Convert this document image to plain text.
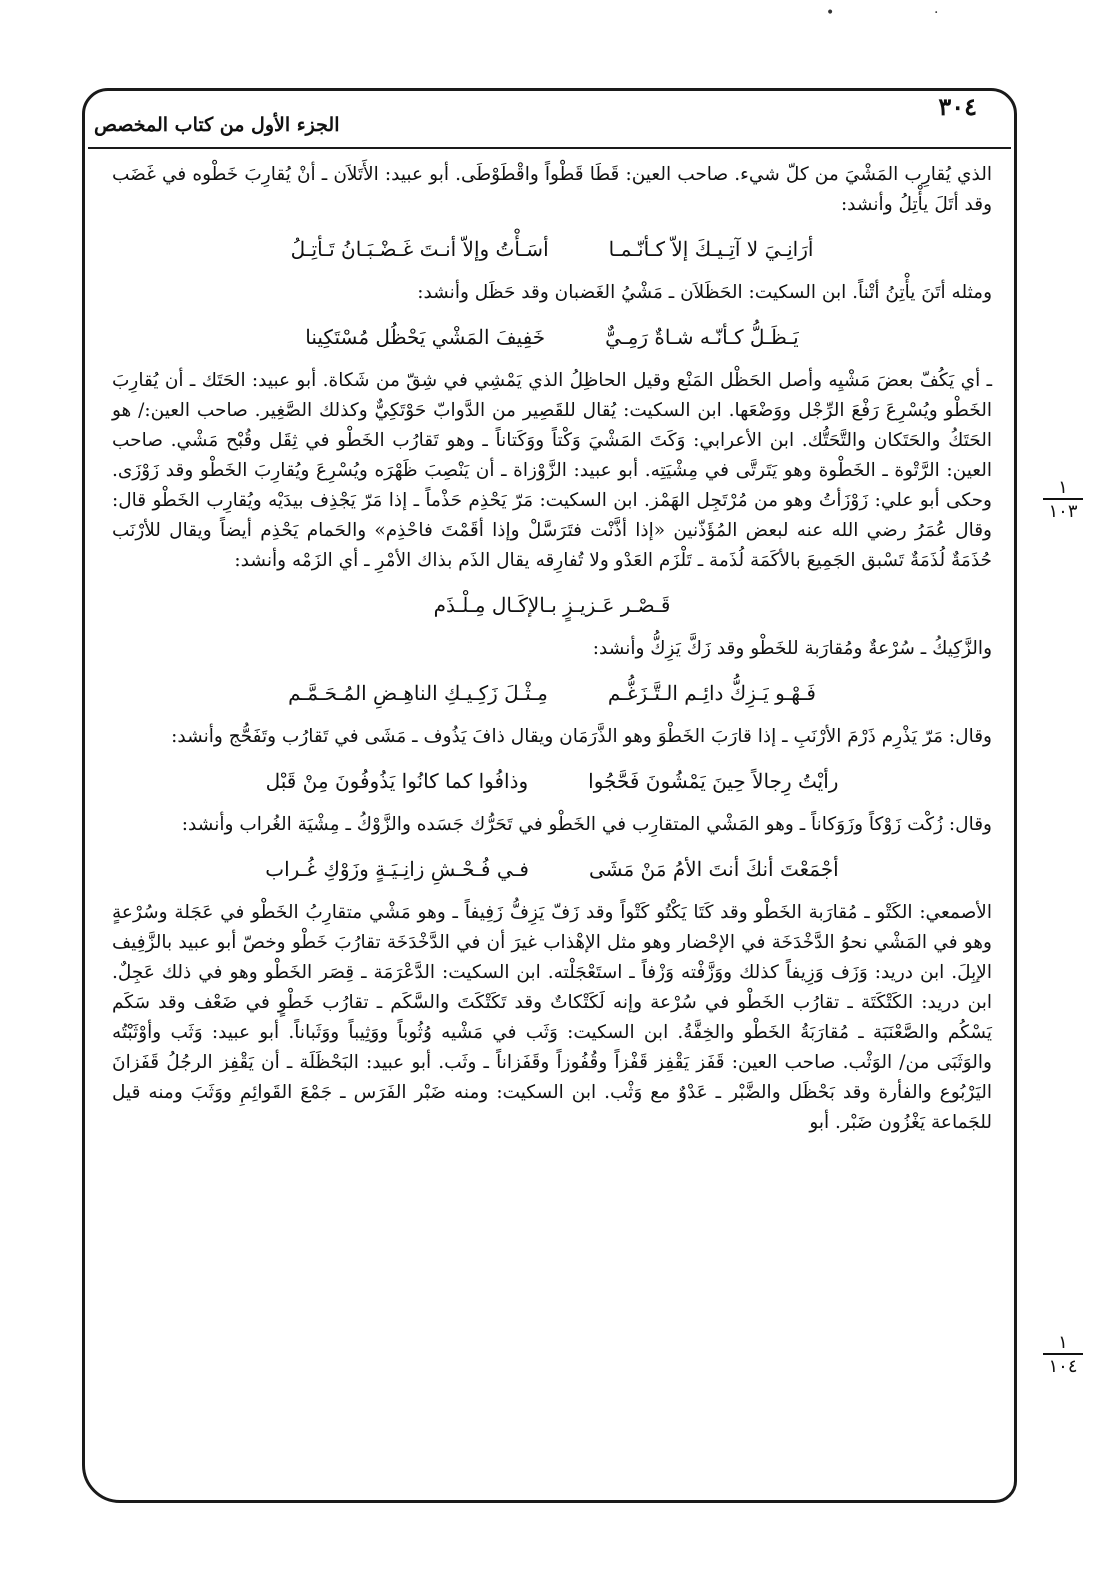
•	·
٣٠٤
الجزء الأول من كتاب المخصص
١
١٠٣
١
١٠٤

الذي يُقارِب المَشْيَ من كلّ شيء. صاحب العين: قَطَا قَطْواً واقْطَوْطَى. أبو عبيد: الأَتَلاَن ـ أنْ يُقارِبَ خَطْوه في غَضَب وقد أتَلَ يأْتِلُ وأنشد:

أرَانِـيَ لا آتِـيـكَ إلاّ كـأنّـمـا
أسَـأْتُ وإلاّ أنـتَ غَـضْـبَـانُ تَـأتِـلُ

ومثله أتَنَ يأْتِنُ أتْناً. ابن السكيت: الحَظَلاَن ـ مَشْيُ الغَضبان وقد حَظَل وأنشد:

يَـظَـلُّ كـأنّـه شـاةٌ رَمِـيٌّ
خَفِيفَ المَشْي يَحْظُل مُسْتَكِينا

ـ أي يَكُفّ بعضَ مَشْيِه وأصل الحَظْل المَنْع وقيل الحاظِلُ الذي يَمْشِي في شِقّ من شَكاة. أبو عبيد: الحَتَك ـ أن يُقارِبَ الخَطْو ويُسْرِعَ رَفْعَ الرِّجْل ووَضْعَها. ابن السكيت: يُقال للقَصِير من الدَّوابّ حَوْتَكِيٌّ وكذلك الصَّغِير. صاحب العين:/ هو الحَتَكُ والحَتَكان والتَّحَتُّك. ابن الأعرابي: وَكَتَ المَشْيَ وَكْتاً ووَكَتاناً ـ وهو تَقارُب الخَطْو في ثِقَل وقُبْح مَشْي. صاحب العين: الرَّتْوة ـ الخَطْوة وهو يَتَرتَّى في مِشْيَتِه. أبو عبيد: الزَّوْزاة ـ أن يَنْصِبَ ظَهْرَه ويُسْرِعَ ويُقارِبَ الخَطْو وقد زَوْزَى. وحكى أبو علي: زَوْزَأتُ وهو من مُرْتَجِل الهَمْز. ابن السكيت: مَرّ يَحْذِم حَذْماً ـ إذا مَرّ يَجْذِف بيدَيْه ويُقارِب الخَطْو قال: وقال عُمَرُ رضي الله عنه لبعض المُؤَذّنين «إذا أذَّنْت فتَرَسَّلْ وإذا أقَمْتَ فاحْذِم» والحَمام يَحْذِم أيضاً ويقال للأرْنَب حُذَمَةٌ لُذَمَةٌ تَسْبق الجَمِيعَ بالأكَمَة لُذَمة ـ تَلْزَم العَدْو ولا تُفارِقه يقال الذَم بذاك الأمْرِ ـ أي الزَمْه وأنشد:

قَـصْـر عَـزيـزٍ بـالإكَـال مِـلْـذَم

والزَّكِيكُ ـ سُرْعةٌ ومُقارَبة للخَطْو وقد زَكَّ يَزِكُّ وأنشد:

فَـهْـو يَـزِكُّ دائِـم الـتَّـزَغُّـم
مِـثْـلَ زَكِـيـكِ الناهِـضِ المُـحَـمَّـم

وقال: مَرّ يَذْرِم ذَرْمَ الأرْنَبِ ـ إذا قارَبَ الخَطْوَ وهو الذَّرَمَان ويقال ذافَ يَذُوف ـ مَشَى في تَقارُب وتَفَحُّج وأنشد:

رأيْتُ رِجالاً حِينَ يَمْشُونَ فَحَّجُوا
وذافُوا كما كانُوا يَذُوفُونَ مِنْ قَبْل

وقال: زُكْت زَوْكاً وزَوَكاناً ـ وهو المَشْي المتقارِب في الخَطْو في تَحَرُّك جَسَده والزَّوْكُ ـ مِشْيَة الغُراب وأنشد:

أجْمَعْتَ أنكَ أنتَ الأمُ مَنْ مَشَى
فـي فُـحْـشِ زانِـيَـةٍ وزَوْكِ غُـراب

الأصمعي: الكَتْو ـ مُقارَبة الخَطْو وقد كَتَا يَكْتُو كَتْواً وقد زَفّ يَزِفُّ زَفِيفاً ـ وهو مَشْي متقارِبُ الخَطْو في عَجَلة وسُرْعةٍ وهو في المَشْي نحوُ الدَّخْدَخَة في الإحْضار وهو مثل الإهْذاب غيرَ أن في الدَّخْدَخَة تقارُبَ خَطْو وخصّ أبو عبيد بالزَّفِيف الإبِلَ. ابن دريد: وَزَف وَزِيفاً كذلك ووَزَّفْته وَزْفاً ـ استَعْجَلْته. ابن السكيت: الدَّعْرَمَة ـ قِصَر الخَطْو وهو في ذلك عَجِلٌ. ابن دريد: الكَتْكَتَة ـ تقارُب الخَطْو في سُرْعة وإنه لَكَتْكاتٌ وقد تَكَتْكَتَ والسَّكَم ـ تقارُب خَطْوٍ في ضَعْف وقد سَكَم يَسْكُم والصَّعْنَبَة ـ مُقارَبَةُ الخَطْو والخِفَّةُ. ابن السكيت: وَثَب في مَشْيه وُثُوباً ووَثِيباً ووَثَباناً. أبو عبيد: وَثَب وأوْثَبْتُه والوَثَبَى من/ الوَثْب. صاحب العين: قَفَز يَقْفِز قَفْزاً وقُفُوزاً وقَفَزاناً ـ وثَب. أبو عبيد: البَحْظَلَة ـ أن يَقْفِز الرجُلُ قَفَزانَ اليَرْبُوع والفأرة وقد بَحْظَل والضَّبْر ـ عَدْوٌ مع وَثْب. ابن السكيت: ومنه ضَبْر الفَرَس ـ جَمْعَ القَوائِمِ ووَثَبَ ومنه قيل للجَماعة يَغْزُون ضَبْر. أبو
